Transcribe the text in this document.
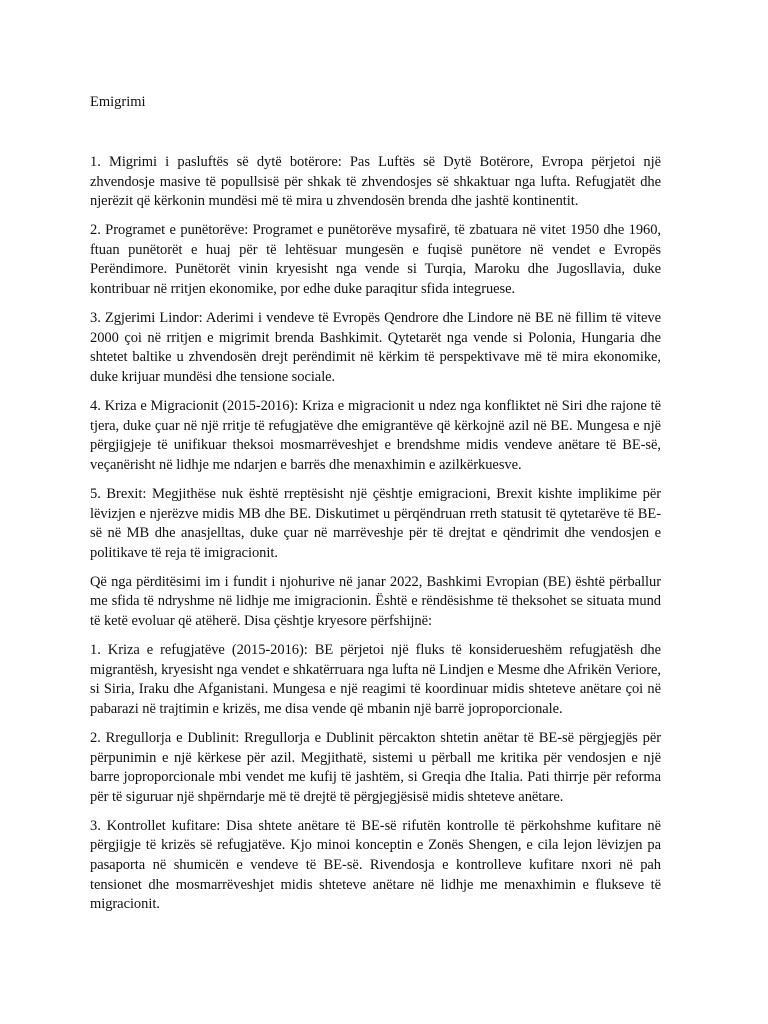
Emigrimi

1. Migrimi i pasluftës së dytë botërore: Pas Luftës së Dytë Botërore, Evropa përjetoi një zhvendosje masive të popullsisë për shkak të zhvendosjes së shkaktuar nga lufta. Refugjatët dhe njerëzit që kërkonin mundësi më të mira u zhvendosën brenda dhe jashtë kontinentit.

2. Programet e punëtorëve: Programet e punëtorëve mysafirë, të zbatuara në vitet 1950 dhe 1960, ftuan punëtorët e huaj për të lehtësuar mungesën e fuqisë punëtore në vendet e Evropës Perëndimore. Punëtorët vinin kryesisht nga vende si Turqia, Maroku dhe Jugosllavia, duke kontribuar në rritjen ekonomike, por edhe duke paraqitur sfida integruese.

3. Zgjerimi Lindor: Aderimi i vendeve të Evropës Qendrore dhe Lindore në BE në fillim të viteve 2000 çoi në rritjen e migrimit brenda Bashkimit. Qytetarët nga vende si Polonia, Hungaria dhe shtetet baltike u zhvendosën drejt perëndimit në kërkim të perspektivave më të mira ekonomike, duke krijuar mundësi dhe tensione sociale.

4. Kriza e Migracionit (2015-2016): Kriza e migracionit u ndez nga konfliktet në Siri dhe rajone të tjera, duke çuar në një rritje të refugjatëve dhe emigrantëve që kërkojnë azil në BE. Mungesa e një përgjigjeje të unifikuar theksoi mosmarrëveshjet e brendshme midis vendeve anëtare të BE-së, veçanërisht në lidhje me ndarjen e barrës dhe menaxhimin e azilkërkuesve.

5. Brexit: Megjithëse nuk është rreptësisht një çështje emigracioni, Brexit kishte implikime për lëvizjen e njerëzve midis MB dhe BE. Diskutimet u përqëndruan rreth statusit të qytetarëve të BE-së në MB dhe anasjelltas, duke çuar në marrëveshje për të drejtat e qëndrimit dhe vendosjen e politikave të reja të imigracionit.

Që nga përditësimi im i fundit i njohurive në janar 2022, Bashkimi Evropian (BE) është përballur me sfida të ndryshme në lidhje me imigracionin. Është e rëndësishme të theksohet se situata mund të ketë evoluar që atëherë. Disa çështje kryesore përfshijnë:

1. Kriza e refugjatëve (2015-2016): BE përjetoi një fluks të konsiderueshëm refugjatësh dhe migrantësh, kryesisht nga vendet e shkatërruara nga lufta në Lindjen e Mesme dhe Afrikën Veriore, si Siria, Iraku dhe Afganistani. Mungesa e një reagimi të koordinuar midis shteteve anëtare çoi në pabarazi në trajtimin e krizës, me disa vende që mbanin një barrë joproporcionale.

2. Rregullorja e Dublinit: Rregullorja e Dublinit përcakton shtetin anëtar të BE-së përgjegjës për përpunimin e një kërkese për azil. Megjithatë, sistemi u përball me kritika për vendosjen e një barre joproporcionale mbi vendet me kufij të jashtëm, si Greqia dhe Italia. Pati thirrje për reforma për të siguruar një shpërndarje më të drejtë të përgjegjësisë midis shteteve anëtare.

3. Kontrollet kufitare: Disa shtete anëtare të BE-së rifutën kontrolle të përkohshme kufitare në përgjigje të krizës së refugjatëve. Kjo minoi konceptin e Zonës Shengen, e cila lejon lëvizjen pa pasaporta në shumicën e vendeve të BE-së. Rivendosja e kontrolleve kufitare nxori në pah tensionet dhe mosmarrëveshjet midis shteteve anëtare në lidhje me menaxhimin e flukseve të migracionit.
